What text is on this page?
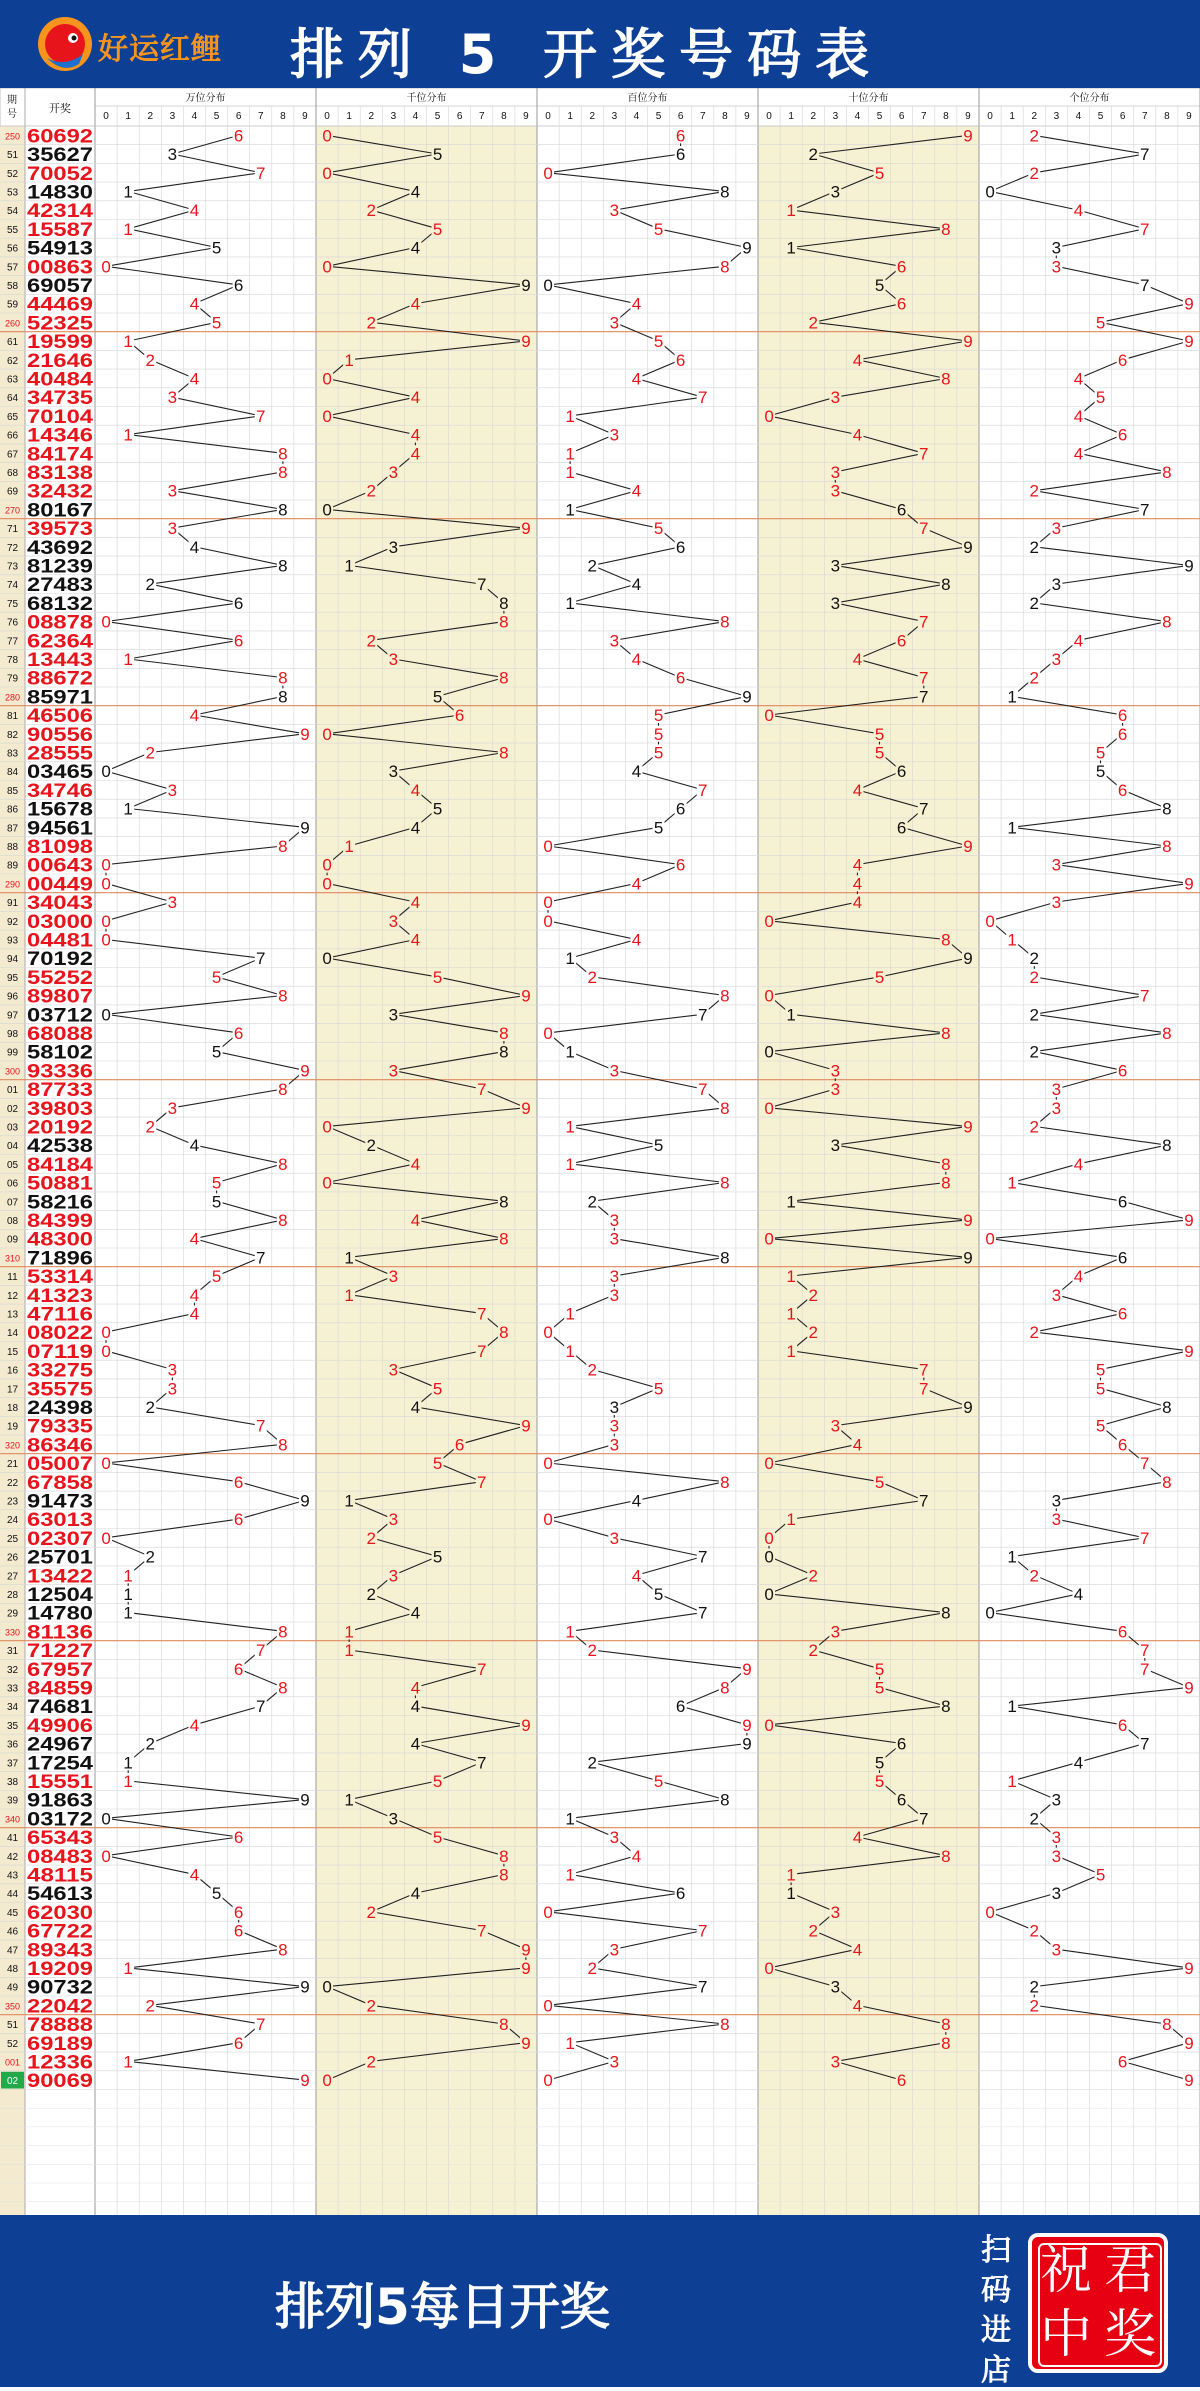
好运红鲤 排列 5 开奖号码表
期
号	开奖
万位分布
0 1 2 3 4 5 6 7 8 9
千位分布
0 1 2 3 4 5 6 7 8 9
百位分布
0 1 2 3 4 5 6 7 8 9
十位分布
0 1 2 3 4 5 6 7 8 9
个位分布
0 1 2 3 4 5 6 7 8 9
250 60692
51 35627
52 70052
53 14830
54 42314
55 15587
56 54913
57 00863
58 69057
59 44469
260 52325
61 19599
62 21646
63 40484
64 34735
65 70104
66 14346
67 84174
68 83138
69 32432
270 80167
71 39573
72 43692
73 81239
74 27483
75 68132
76 08878
77 62364
78 13443
79 88672
280 85971
81 46506
82 90556
83 28555
84 03465
85 34746
86 15678
87 94561
88 81098
89 00643
290 00449
91 34043
92 03000
93 04481
94 70192
95 55252
96 89807
97 03712
98 68088
99 58102
300 93336
01 87733
02 39803
03 20192
04 42538
05 84184
06 50881
07 58216
08 84399
09 48300
310 71896
11 53314
12 41323
13 47116
14 08022
15 07119
16 33275
17 35575
18 24398
19 79335
320 86346
21 05007
22 67858
23 91473
24 63013
25 02307
26 25701
27 13422
28 12504
29 14780
330 81136
31 71227
32 67957
33 84859
34 74681
35 49906
36 24967
37 17254
38 15551
39 91863
340 03172
41 65343
42 08483
43 48115
44 54613
45 62030
46 67722
47 89343
48 19209
49 90732
350 22042
51 78888
52 69189
001 12336
02 90069
6
3
7
1
4
1
5
0
6
4
5
1
2
4
3
7
1
8
8
3
8
3
4
8
2
6
0
6
1
8
8
4
9
2
0
3
1
9
8
0
0
3
0
0
7
5
8
0
6
5
9
8
3
2
4
8
5
5
8
4
7
5
4
4
0
0
3
3
2
7
8
0
6
9
6
0
2
1
1
1
8
7
6
8
7
4
2
1
1
9
0
6
0
4
5
6
6
8
1
9
2
7
6
1
9
0
5
0
4
2
5
4
0
9
4
2
9
1
0
4
0
4
4
3
2
0
9
3
1
7
8
8
2
3
8
5
6
0
8
3
4
5
4
1
0
0
4
3
4
0
5
9
3
8
8
3
7
9
0
2
4
0
8
4
8
1
3
1
7
8
7
3
5
4
9
6
5
7
1
3
2
5
3
2
4
1
1
7
4
4
9
4
7
5
1
3
5
8
8
4
2
7
9
9
0
2
8
9
2
0
6
6
0
8
3
5
9
8
0
4
3
5
6
4
7
1
3
1
1
4
1
5
6
2
4
1
8
3
4
6
9
5
5
5
4
7
6
5
0
6
4
0
0
4
1
2
8
7
0
1
3
7
8
1
5
1
8
2
3
3
8
3
3
1
0
1
2
5
3
3
3
0
8
4
0
3
7
4
5
7
1
2
9
8
6
9
9
2
5
8
1
3
4
1
6
0
7
3
2
7
0
8
1
3
0
9
2
5
3
1
8
1
6
5
6
2
9
4
8
3
0
4
7
3
3
6
7
9
3
8
3
7
6
4
7
7
0
5
5
6
4
7
6
9
4
4
4
0
8
9
5
0
1
8
0
3
3
0
9
3
8
8
1
9
0
9
1
2
1
2
1
7
7
9
3
4
0
5
7
1
0
0
2
0
8
3
2
5
5
8
0
6
5
5
6
7
4
8
1
1
3
2
4
0
3
4
8
8
3
6
2
7
2
0
4
7
3
3
7
9
5
9
6
4
5
4
6
4
8
2
7
3
2
9
3
2
8
4
3
2
1
6
6
5
5
6
8
1
8
3
9
3
0
1
2
2
7
2
8
2
6
3
3
2
8
4
1
6
9
0
6
4
3
6
2
9
5
5
8
5
6
7
8
3
3
7
1
2
4
0
6
7
7
9
1
6
7
4
1
3
2
3
3
5
3
0
2
3
9
2
2
8
9
6
9
排列5每日开奖
扫
码
进
店
祝 君
中 奖
